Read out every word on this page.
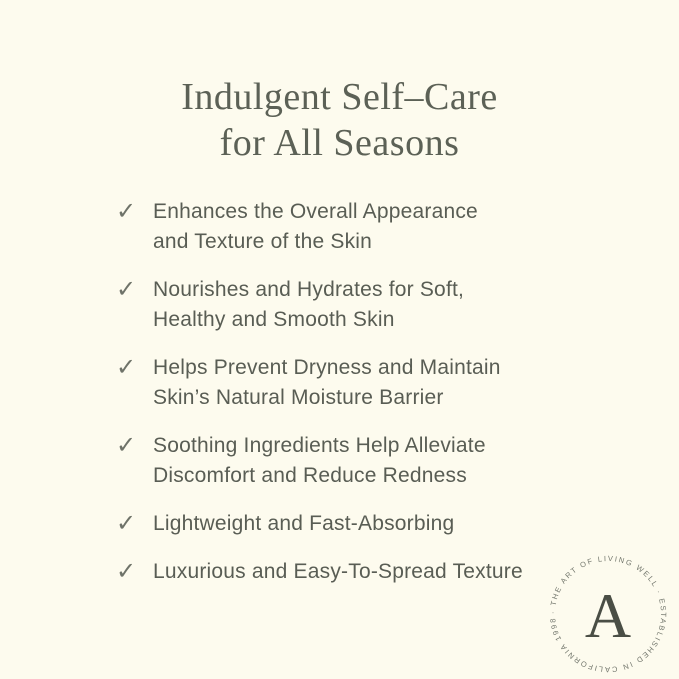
Indulgent Self–Care
for All Seasons
✓ Enhances the Overall Appearance
and Texture of the Skin
✓ Nourishes and Hydrates for Soft,
Healthy and Smooth Skin
✓ Helps Prevent Dryness and Maintain
Skin’s Natural Moisture Barrier
✓ Soothing Ingredients Help Alleviate
Discomfort and Reduce Redness
✓ Lightweight and Fast-Absorbing
✓ Luxurious and Easy-To-Spread Texture
· THE ART OF LIVING WELL · ESTABLISHED IN CALIFORNIA 1998 A
